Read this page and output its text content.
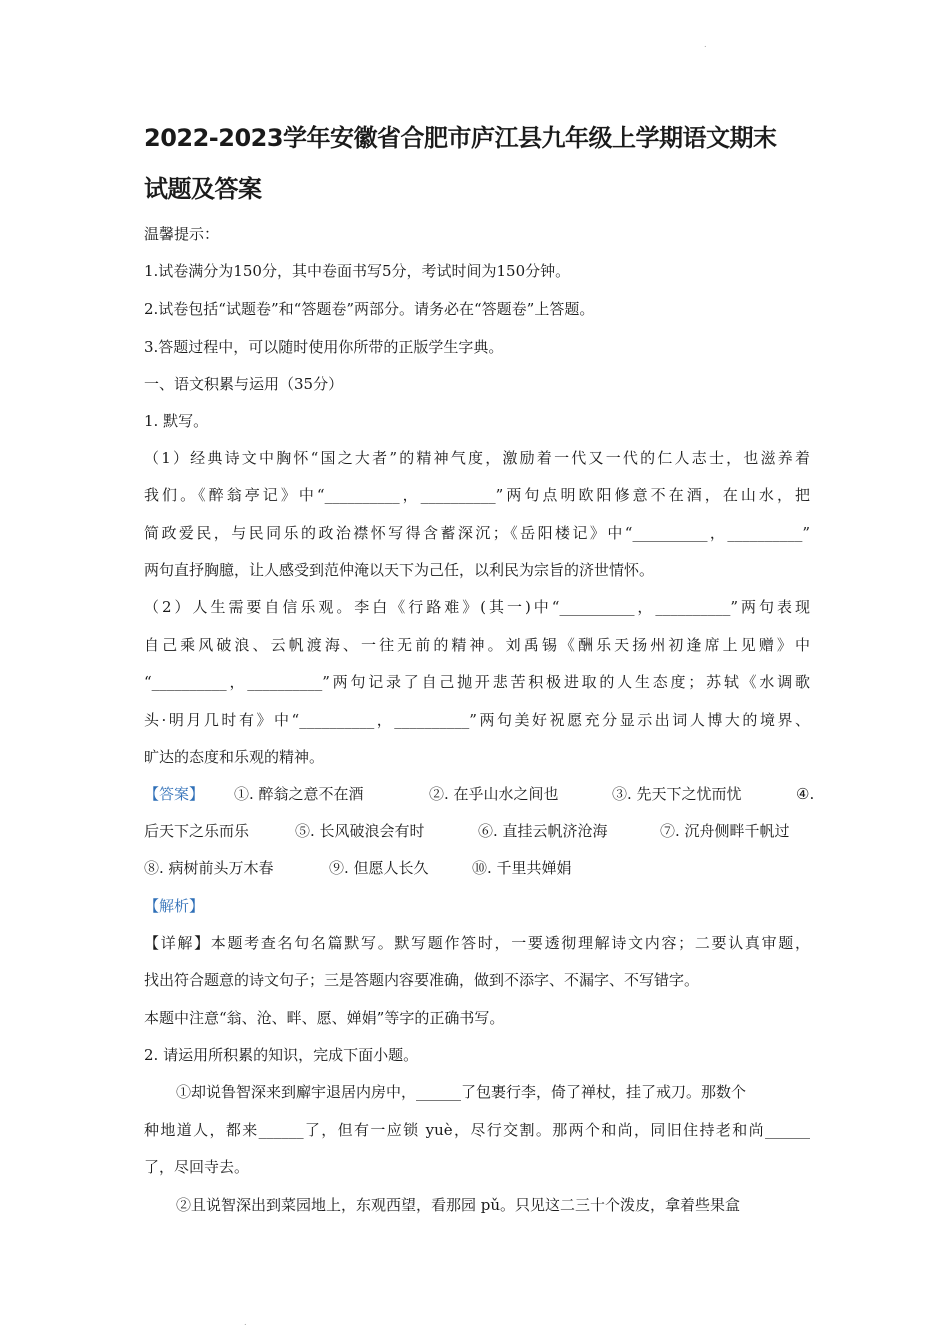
.
2022-2023学年安徽省合肥市庐江县九年级上学期语文期末
试题及答案
温馨提示：
1.试卷满分为150分，其中卷面书写5分，考试时间为150分钟。
2.试卷包括“试题卷”和“答题卷”两部分。请务必在“答题卷”上答题。
3.答题过程中，可以随时使用你所带的正版学生字典。
一、语文积累与运用（35分）
1. 默写。
（1）经典诗文中胸怀“国之大者”的精神气度，激励着一代又一代的仁人志士，也滋养着
我们。《醉翁亭记》中“__________，__________”两句点明欧阳修意不在酒，在山水，把
简政爱民，与民同乐的政治襟怀写得含蓄深沉；《岳阳楼记》中“__________，__________”
两句直抒胸臆，让人感受到范仲淹以天下为己任，以利民为宗旨的济世情怀。
（2）人生需要自信乐观。李白《行路难》(其一)中“__________，__________”两句表现
自己乘风破浪、云帆渡海、一往无前的精神。刘禹锡《酬乐天扬州初逢席上见赠》中
“__________，__________”两句记录了自己抛开悲苦积极进取的人生态度；苏轼《水调歌
头·明月几时有》中“__________，__________”两句美好祝愿充分显示出词人博大的境界、
旷达的态度和乐观的精神。
【答案】 ①. 醉翁之意不在酒	②. 在乎山水之间也	③. 先天下之忧而忧	④.
后天下之乐而乐	⑤. 长风破浪会有时	⑥. 直挂云帆济沧海	⑦. 沉舟侧畔千帆过
⑧. 病树前头万木春	⑨. 但愿人长久	⑩. 千里共婵娟
【解析】
【详解】本题考查名句名篇默写。默写题作答时，一要透彻理解诗文内容；二要认真审题，
找出符合题意的诗文句子；三是答题内容要准确，做到不添字、不漏字、不写错字。
本题中注意“翁、沧、畔、愿、婵娟”等字的正确书写。
2. 请运用所积累的知识，完成下面小题。
①却说鲁智深来到廨宇退居内房中，______了包裹行李，倚了禅杖，挂了戒刀。那数个
种地道人，都来______了，但有一应锁 yuè，尽行交割。那两个和尚，同旧住持老和尚______
了，尽回寺去。
②且说智深出到菜园地上，东观西望，看那园 pǔ。只见这二三十个泼皮，拿着些果盒
.
